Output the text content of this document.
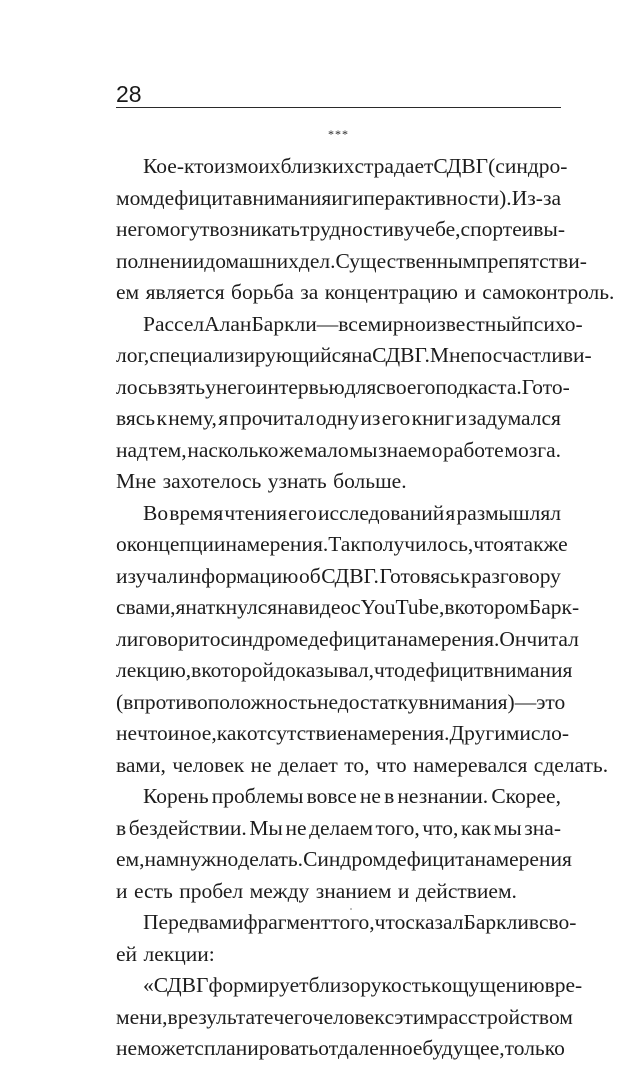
28
***
Кое-кто из моих близких страдает СДВГ (синдро-
мом дефицита внимания и гиперактивности). Из-за
него могут возникать трудности в учебе, спорте и вы-
полнении домашних дел. Существенным препятстви-
ем является борьба за концентрацию и самоконтроль.
Рассел Алан Баркли — всемирно известный психо-
лог, специализирующийся на СДВГ. Мне посчастливи-
лось взять у него интервью для своего подкаста. Гото-
вясь к нему, я прочитал одну из его книг и задумался
над тем, насколько же мало мы знаем о работе мозга.
Мне захотелось узнать больше.
Во время чтения его исследований я размышлял
о концепции намерения. Так получилось, что я также
изучал информацию об СДВГ. Готовясь к разговору
с вами, я наткнулся на видео с YouTube, в котором Барк-
ли говорит о синдроме дефицита намерения. Он читал
лекцию, в которой доказывал, что дефицит внимания
(в противоположность недостатку внимания) — это
не что иное, как отсутствие намерения. Другими сло-
вами, человек не делает то, что намеревался сделать.
Корень проблемы вовсе не в незнании. Скорее,
в бездействии. Мы не делаем того, что, как мы зна-
ем, нам нужно делать. Синдром дефицита намерения
и есть пробел между знанием и действием.
Перед вами фрагмент того, что сказал Баркли в сво-
ей лекции:
«СДВГ формирует близорукость к ощущению вре-
мени, в результате чего человек с этим расстройством
не может спланировать отдаленное будущее, только
